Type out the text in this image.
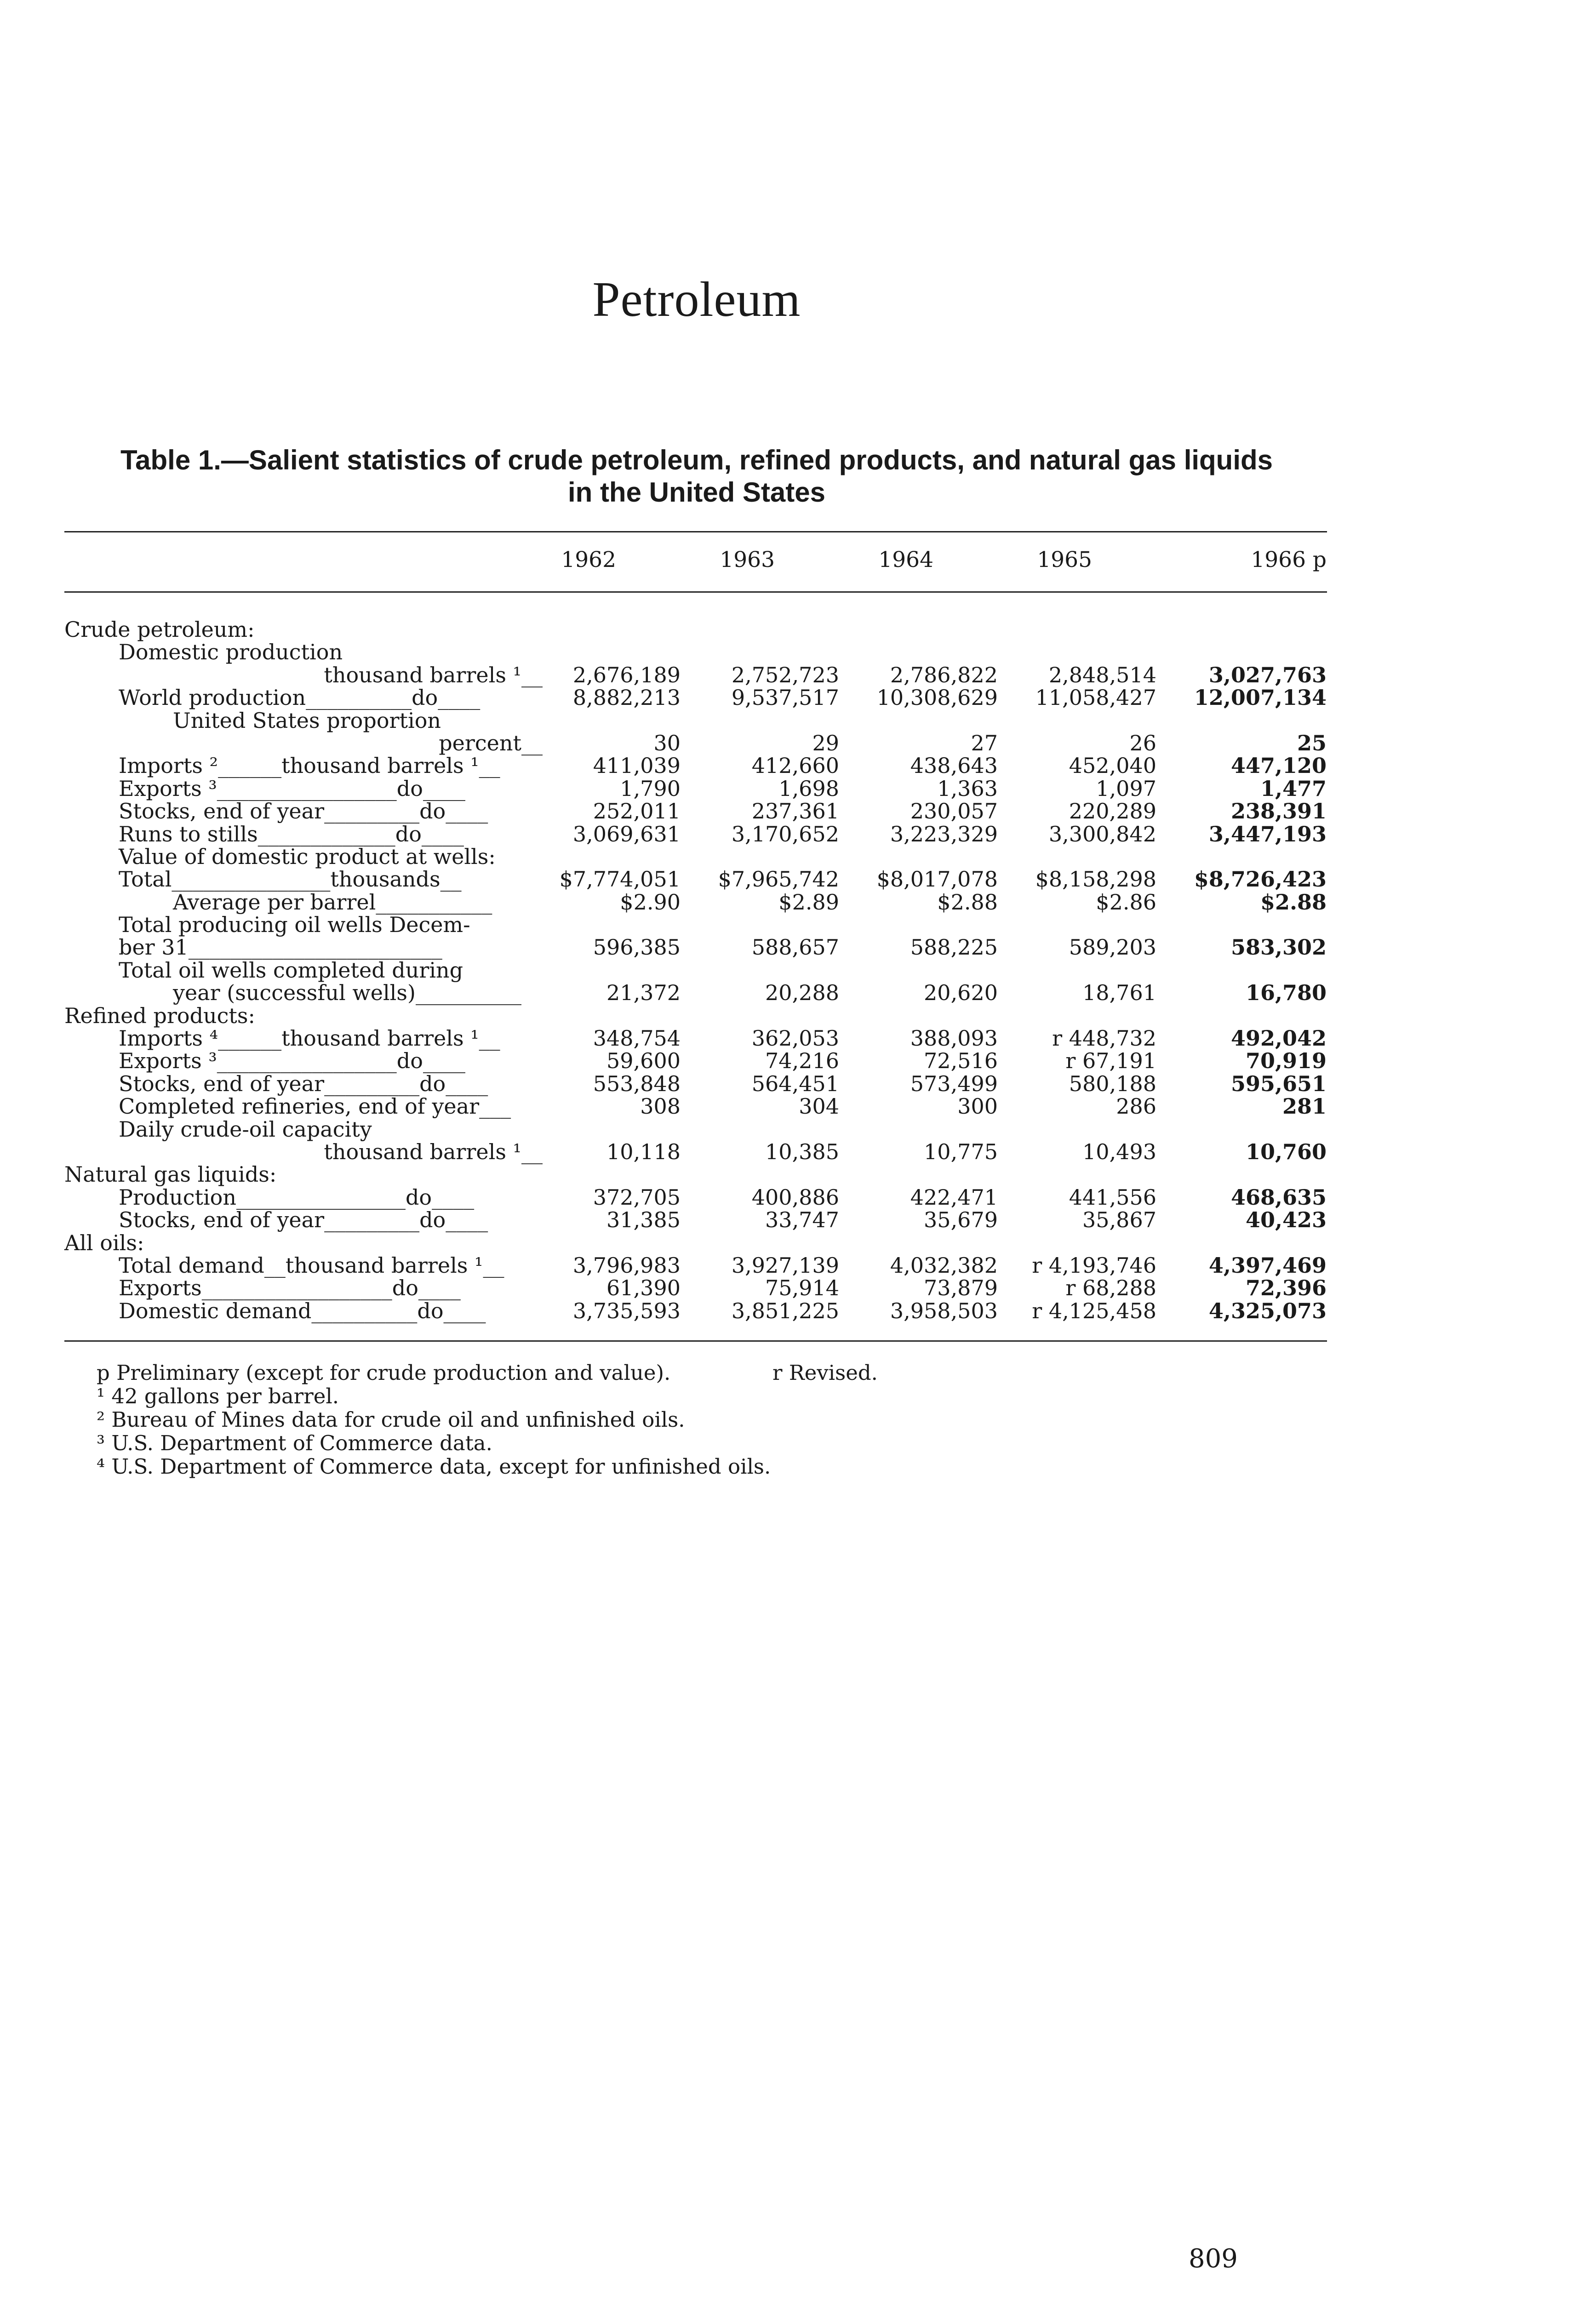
Petroleum
Table 1.—Salient statistics of crude petroleum, refined products, and natural gas liquids
in the United States
1962	1963	1964	1965	1966 p
Crude petroleum:
Domestic production
thousand barrels ¹__	2,676,189	2,752,723	2,786,822	2,848,514	3,027,763
World production__________do____	8,882,213	9,537,517	10,308,629	11,058,427	12,007,134
United States proportion
percent__	30	29	27	26	25
Imports ²______thousand barrels ¹__	411,039	412,660	438,643	452,040	447,120
Exports ³_________________do____	1,790	1,698	1,363	1,097	1,477
Stocks, end of year_________do____	252,011	237,361	230,057	220,289	238,391
Runs to stills_____________do____	3,069,631	3,170,652	3,223,329	3,300,842	3,447,193
Value of domestic product at wells:
Total_______________thousands__	$7,774,051	$7,965,742	$8,017,078	$8,158,298	$8,726,423
Average per barrel___________	$2.90	$2.89	$2.88	$2.86	$2.88
Total producing oil wells Decem-
ber 31________________________	596,385	588,657	588,225	589,203	583,302
Total oil wells completed during
year (successful wells)__________	21,372	20,288	20,620	18,761	16,780
Refined products:
Imports ⁴______thousand barrels ¹__	348,754	362,053	388,093	r 448,732	492,042
Exports ³_________________do____	59,600	74,216	72,516	r 67,191	70,919
Stocks, end of year_________do____	553,848	564,451	573,499	580,188	595,651
Completed refineries, end of year___	308	304	300	286	281
Daily crude-oil capacity
thousand barrels ¹__	10,118	10,385	10,775	10,493	10,760
Natural gas liquids:
Production________________do____	372,705	400,886	422,471	441,556	468,635
Stocks, end of year_________do____	31,385	33,747	35,679	35,867	40,423
All oils:
Total demand__thousand barrels ¹__	3,796,983	3,927,139	4,032,382	r 4,193,746	4,397,469
Exports__________________do____	61,390	75,914	73,879	r 68,288	72,396
Domestic demand__________do____	3,735,593	3,851,225	3,958,503	r 4,125,458	4,325,073
p Preliminary (except for crude production and value).	r Revised.
¹ 42 gallons per barrel.
² Bureau of Mines data for crude oil and unfinished oils.
³ U.S. Department of Commerce data.
⁴ U.S. Department of Commerce data, except for unfinished oils.
809
